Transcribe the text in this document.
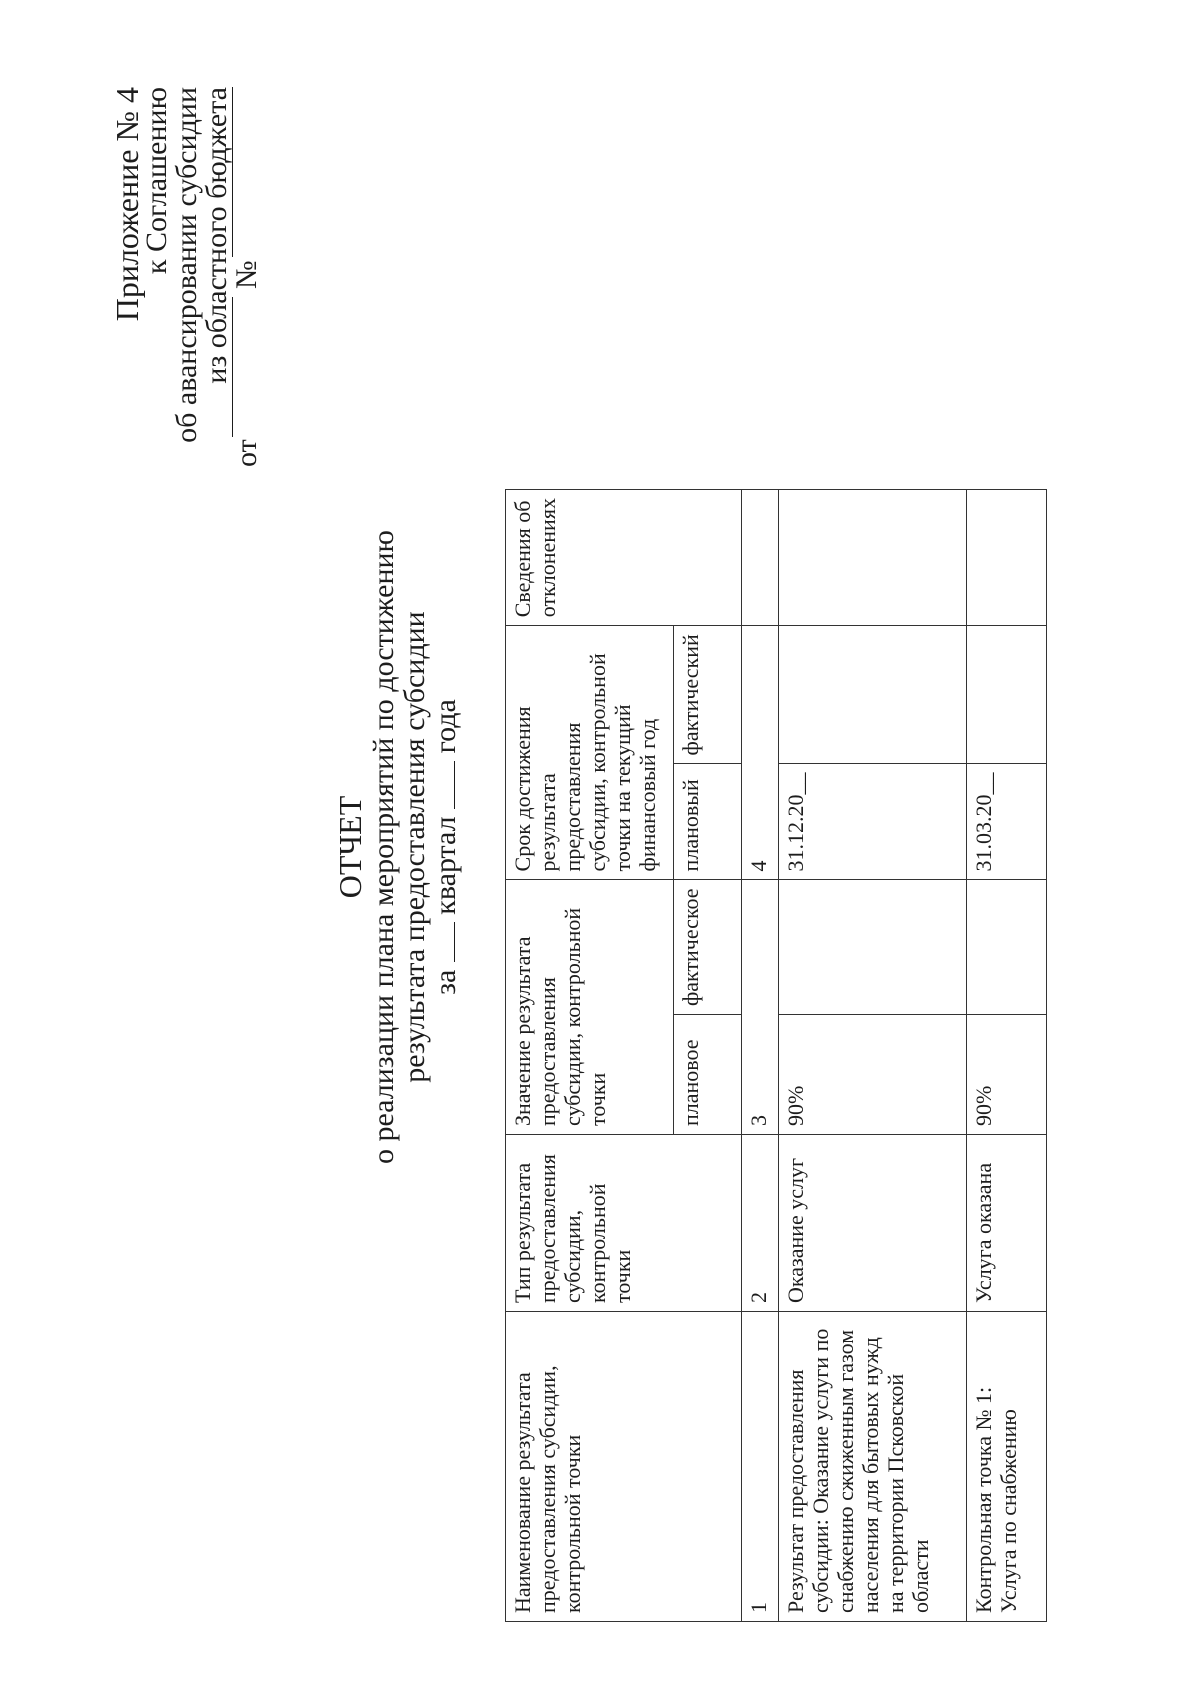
Приложение № 4
к Соглашению
об авансировании субсидии
из областного бюджета
от
№
ОТЧЕТ о реализации плана мероприятий по достижению
результата предоставления субсидии
за  квартал  года
Наименование результата предоставления субсидии, контрольной точки	Тип результата предоставления субсидии, контрольной точки	Значение результата предоставления субсидии, контрольной точки		Срок достижения результата предоставления субсидии, контрольной точки на текущий финансовый год		Сведения об отклонениях
		плановое	фактическое	плановый	фактический	
1	2	3		4		
Результат предоставления субсидии: Оказание услуги по снабжению сжиженным газом населения для бытовых нужд на территории Псковской области	Оказание услуг	90%		31.12.20__		
Контрольная точка № 1: Услуга по снабжению	Услуга оказана	90%		31.03.20__		
